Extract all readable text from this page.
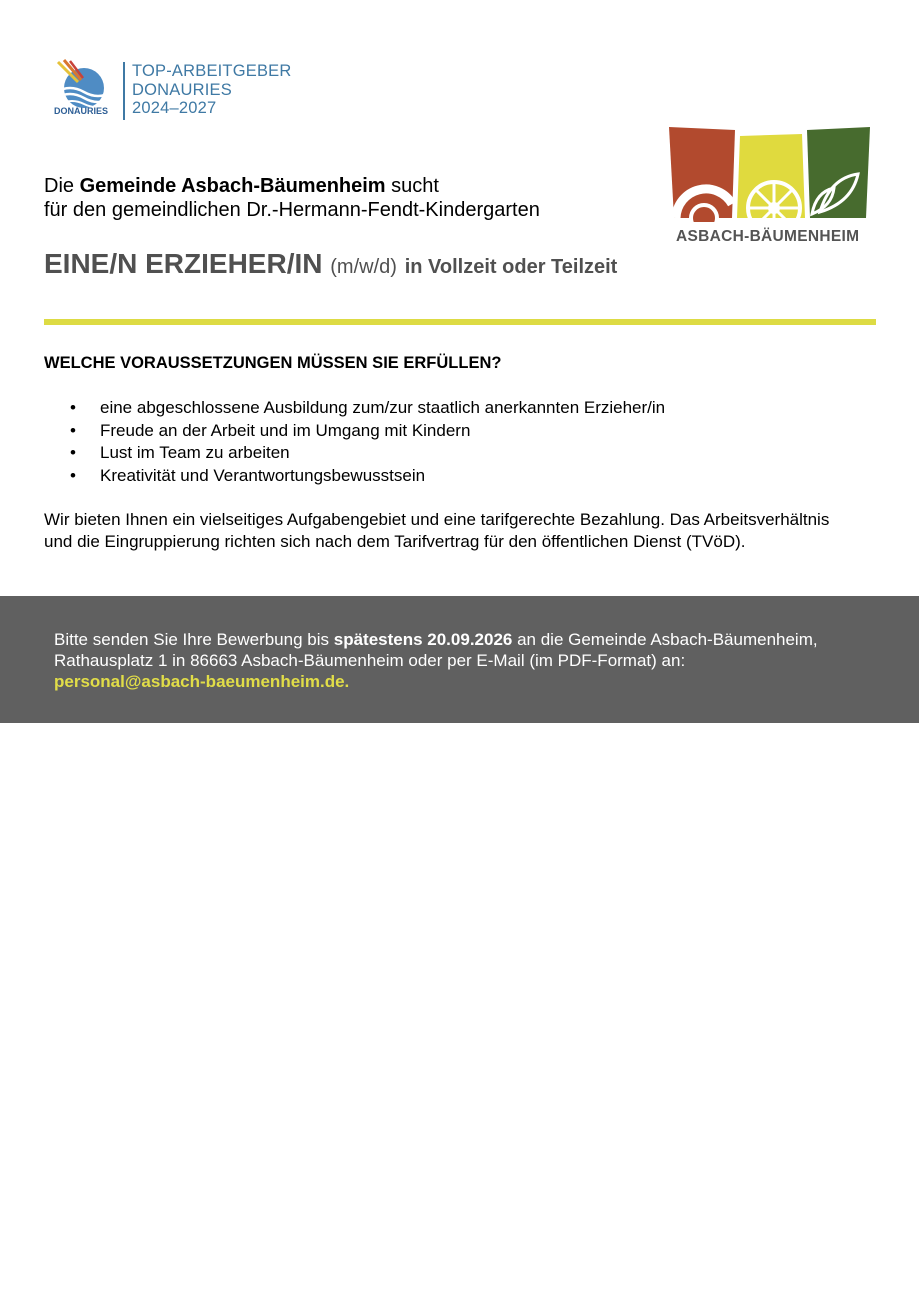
DONAURIES
TOP-ARBEITGEBER
DONAURIES
2024–2027
ASBACH-BÄUMENHEIM
Die Gemeinde Asbach-Bäumenheim sucht
für den gemeindlichen Dr.-Hermann-Fendt-Kindergarten
EINE/N ERZIEHER/IN (m/w/d) in Vollzeit oder Teilzeit
WELCHE VORAUSSETZUNGEN MÜSSEN SIE ERFÜLLEN?
• eine abgeschlossene Ausbildung zum/zur staatlich anerkannten Erzieher/in
• Freude an der Arbeit und im Umgang mit Kindern
• Lust im Team zu arbeiten
• Kreativität und Verantwortungsbewusstsein
Wir bieten Ihnen ein vielseitiges Aufgabengebiet und eine tarifgerechte Bezahlung. Das Arbeitsverhältnis und die Eingruppierung richten sich nach dem Tarifvertrag für den öffentlichen Dienst (TVöD).
Bitte senden Sie Ihre Bewerbung bis spätestens 20.09.2026 an die Gemeinde Asbach-Bäumenheim, Rathausplatz 1 in 86663 Asbach-Bäumenheim oder per E-Mail (im PDF-Format) an:
personal@asbach-baeumenheim.de.
